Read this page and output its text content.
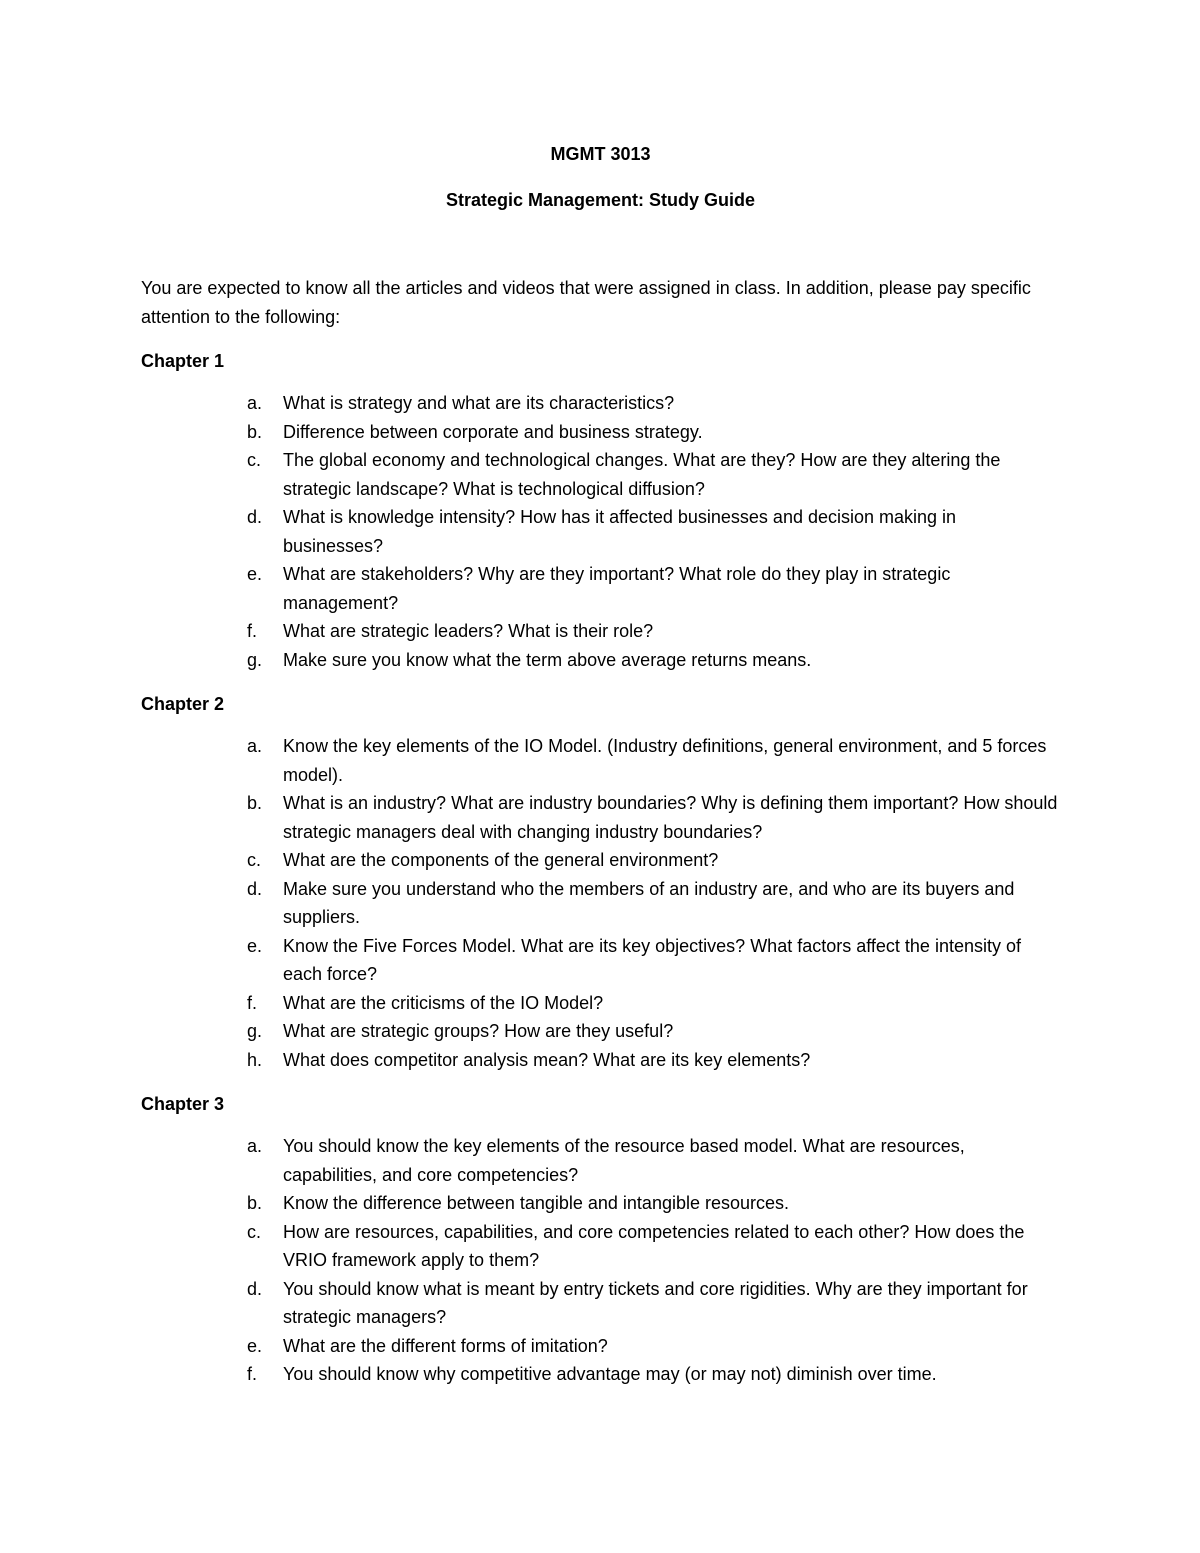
MGMT 3013

Strategic Management: Study Guide

You are expected to know all the articles and videos that were assigned in class. In addition, please pay specific attention to the following:

Chapter 1

a. What is strategy and what are its characteristics?
b. Difference between corporate and business strategy.
c. The global economy and technological changes. What are they? How are they altering the strategic landscape? What is technological diffusion?
d. What is knowledge intensity? How has it affected businesses and decision making in businesses?
e. What are stakeholders? Why are they important? What role do they play in strategic management?
f. What are strategic leaders? What is their role?
g. Make sure you know what the term above average returns means.

Chapter 2

a. Know the key elements of the IO Model. (Industry definitions, general environment, and 5 forces model).
b. What is an industry? What are industry boundaries? Why is defining them important? How should strategic managers deal with changing industry boundaries?
c. What are the components of the general environment?
d. Make sure you understand who the members of an industry are, and who are its buyers and suppliers.
e. Know the Five Forces Model. What are its key objectives? What factors affect the intensity of each force?
f. What are the criticisms of the IO Model?
g. What are strategic groups? How are they useful?
h. What does competitor analysis mean? What are its key elements?

Chapter 3

a. You should know the key elements of the resource based model. What are resources, capabilities, and core competencies?
b. Know the difference between tangible and intangible resources.
c. How are resources, capabilities, and core competencies related to each other? How does the VRIO framework apply to them?
d. You should know what is meant by entry tickets and core rigidities. Why are they important for strategic managers?
e. What are the different forms of imitation?
f. You should know why competitive advantage may (or may not) diminish over time.
